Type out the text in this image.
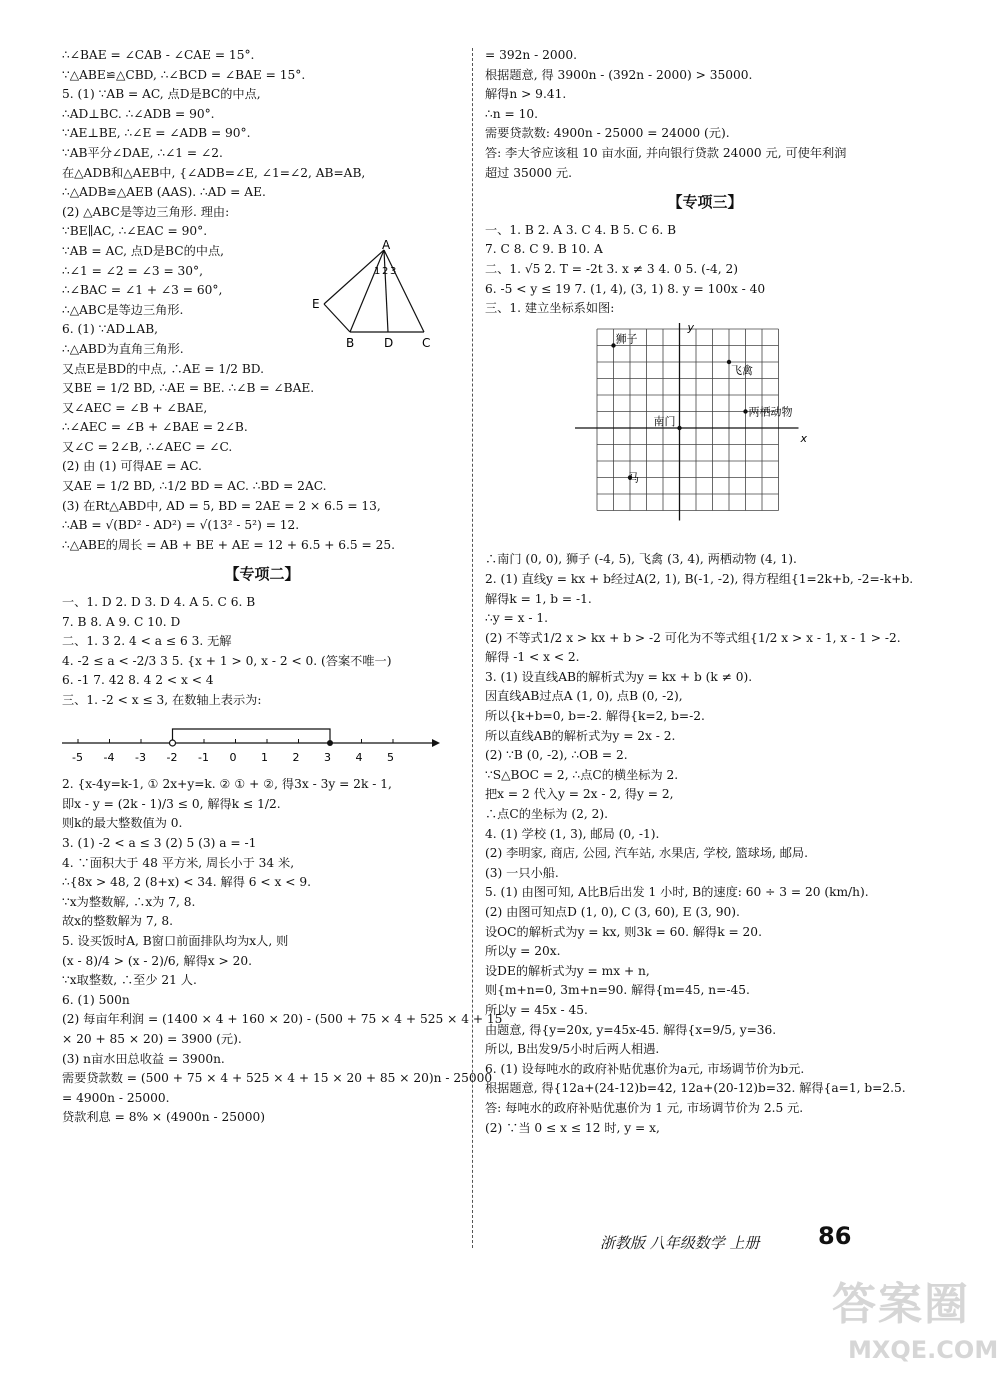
∴∠BAE = ∠CAB - ∠CAE = 15°.
∵△ABE≌△CBD, ∴∠BCD = ∠BAE = 15°.
5. (1) ∵AB = AC, 点D是BC的中点,
∴AD⊥BC. ∴∠ADB = 90°.
∵AE⊥BE, ∴∠E = ∠ADB = 90°.
∵AB平分∠DAE, ∴∠1 = ∠2.
在△ADB和△AEB中, {∠ADB=∠E, ∠1=∠2, AB=AB,
∴△ADB≌△AEB (AAS). ∴AD = AE.
(2) △ABC是等边三角形. 理由:
∵BE∥AC, ∴∠EAC = 90°.
∵AB = AC, 点D是BC的中点,
∴∠1 = ∠2 = ∠3 = 30°,
∴∠BAC = ∠1 + ∠3 = 60°,
∴△ABC是等边三角形.
6. (1) ∵AD⊥AB,
∴△ABD为直角三角形.
又点E是BD的中点, ∴AE = 1/2 BD.
又BE = 1/2 BD, ∴AE = BE. ∴∠B = ∠BAE.
又∠AEC = ∠B + ∠BAE,
∴∠AEC = ∠B + ∠BAE = 2∠B.
又∠C = 2∠B, ∴∠AEC = ∠C.
(2) 由 (1) 可得AE = AC.
又AE = 1/2 BD, ∴1/2 BD = AC. ∴BD = 2AC.
(3) 在Rt△ABD中, AD = 5, BD = 2AE = 2 × 6.5 = 13,
∴AB = √(BD² - AD²) = √(13² - 5²) = 12.
∴△ABE的周长 = AB + BE + AE = 12 + 6.5 + 6.5 = 25.
【专项二】
一、1. D 2. D 3. D 4. A 5. C 6. B
7. B 8. A 9. C 10. D
二、1. 3 2. 4 < a ≤ 6 3. 无解
4. -2 ≤ a < -2/3 3 5. {x + 1 > 0, x - 2 < 0. (答案不唯一)
6. -1 7. 42 8. 4 2 < x < 4
三、1. -2 < x ≤ 3, 在数轴上表示为:
-5 -4 -3 -2 -1 0 1 2 3 4 5
2. {x-4y=k-1, ① 2x+y=k. ② ① + ②, 得3x - 3y = 2k - 1,
即x - y = (2k - 1)/3 ≤ 0, 解得k ≤ 1/2.
则k的最大整数值为 0.
3. (1) -2 < a ≤ 3 (2) 5 (3) a = -1
4. ∵面积大于 48 平方米, 周长小于 34 米,
∴{8x > 48, 2 (8+x) < 34. 解得 6 < x < 9.
∵x为整数解, ∴x为 7, 8.
故x的整数解为 7, 8.
5. 设买饭时A, B窗口前面排队均为x人, 则
(x - 8)/4 > (x - 2)/6, 解得x > 20.
∵x取整数, ∴至少 21 人.
6. (1) 500n
(2) 每亩年利润 = (1400 × 4 + 160 × 20) - (500 + 75 × 4 + 525 × 4 + 15
× 20 + 85 × 20) = 3900 (元).
(3) n亩水田总收益 = 3900n.
需要贷款数 = (500 + 75 × 4 + 525 × 4 + 15 × 20 + 85 × 20)n - 25000
= 4900n - 25000.
贷款利息 = 8% × (4900n - 25000)
A
B D C
E
1 2 3
= 392n - 2000.
根据题意, 得 3900n - (392n - 2000) > 35000.
解得n > 9.41.
∴n = 10.
需要贷款数: 4900n - 25000 = 24000 (元).
答: 李大爷应该租 10 亩水面, 并向银行贷款 24000 元, 可使年利润
超过 35000 元.
【专项三】
一、1. B 2. A 3. C 4. B 5. C 6. B
7. C 8. C 9. B 10. A
二、1. √5 2. T = -2t 3. x ≠ 3 4. 0 5. (-4, 2)
6. -5 < y ≤ 19 7. (1, 4), (3, 1) 8. y = 100x - 40
三、1. 建立坐标系如图:
x
y
狮子
飞禽
南门
两栖动物
马
∴南门 (0, 0), 狮子 (-4, 5), 飞禽 (3, 4), 两栖动物 (4, 1).
2. (1) 直线y = kx + b经过A(2, 1), B(-1, -2), 得方程组{1=2k+b, -2=-k+b.
解得k = 1, b = -1.
∴y = x - 1.
(2) 不等式1/2 x > kx + b > -2 可化为不等式组{1/2 x > x - 1, x - 1 > -2.
解得 -1 < x < 2.
3. (1) 设直线AB的解析式为y = kx + b (k ≠ 0).
因直线AB过点A (1, 0), 点B (0, -2),
所以{k+b=0, b=-2. 解得{k=2, b=-2.
所以直线AB的解析式为y = 2x - 2.
(2) ∵B (0, -2), ∴OB = 2.
∵S△BOC = 2, ∴点C的横坐标为 2.
把x = 2 代入y = 2x - 2, 得y = 2,
∴点C的坐标为 (2, 2).
4. (1) 学校 (1, 3), 邮局 (0, -1).
(2) 李明家, 商店, 公园, 汽车站, 水果店, 学校, 篮球场, 邮局.
(3) 一只小船.
5. (1) 由图可知, A比B后出发 1 小时, B的速度: 60 ÷ 3 = 20 (km/h).
(2) 由图可知点D (1, 0), C (3, 60), E (3, 90).
设OC的解析式为y = kx, 则3k = 60. 解得k = 20.
所以y = 20x.
设DE的解析式为y = mx + n,
则{m+n=0, 3m+n=90. 解得{m=45, n=-45.
所以y = 45x - 45.
由题意, 得{y=20x, y=45x-45. 解得{x=9/5, y=36.
所以, B出发9/5小时后两人相遇.
6. (1) 设每吨水的政府补贴优惠价为a元, 市场调节价为b元.
根据题意, 得{12a+(24-12)b=42, 12a+(20-12)b=32. 解得{a=1, b=2.5.
答: 每吨水的政府补贴优惠价为 1 元, 市场调节价为 2.5 元.
(2) ∵当 0 ≤ x ≤ 12 时, y = x,
浙教版 八年级数学 上册 86
答案圈
MXQE.COM
